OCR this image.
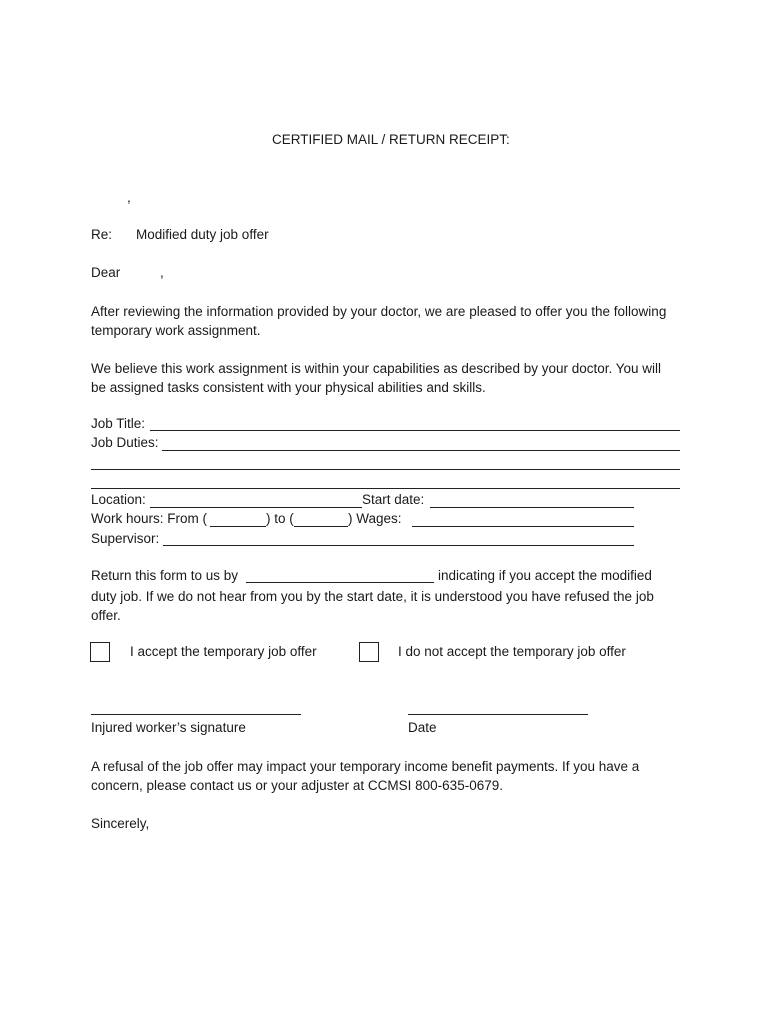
CERTIFIED MAIL / RETURN RECEIPT:
,
Re: Modified duty job offer
Dear	,
After reviewing the information provided by your doctor, we are pleased to offer you the following temporary work assignment.
We believe this work assignment is within your capabilities as described by your doctor. You will be assigned tasks consistent with your physical abilities and skills.
Job Title:
Job Duties:
Location:	Start date:
Work hours: From (	) to (	) Wages:
Supervisor:
Return this form to us by	indicating if you accept the modified
duty job. If we do not hear from you by the start date, it is understood you have refused the job offer.
I accept the temporary job offer	I do not accept the temporary job offer
Injured worker’s signature	Date
A refusal of the job offer may impact your temporary income benefit payments. If you have a concern, please contact us or your adjuster at CCMSI 800-635-0679.
Sincerely,
